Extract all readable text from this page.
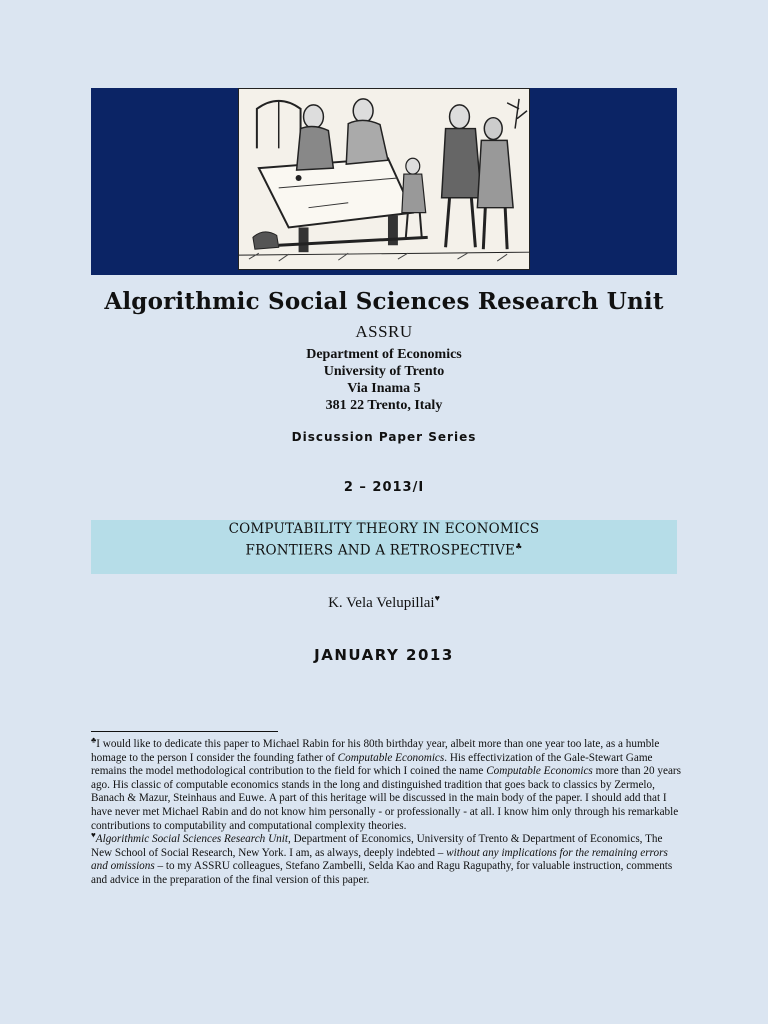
Algorithmic Social Sciences Research Unit
ASSRU
Department of Economics
University of Trento
Via Inama 5
381 22 Trento, Italy
Discussion Paper Series
2 – 2013/I
COMPUTABILITY THEORY IN ECONOMICS
FRONTIERS AND A RETROSPECTIVE♣
K. Vela Velupillai♥
JANUARY 2013

♣I would like to dedicate this paper to Michael Rabin for his 80th birthday year, albeit more than one year too late, as a humble homage to the person I consider the founding father of Computable Economics. His effectivization of the Gale-Stewart Game remains the model methodological contribution to the field for which I coined the name Computable Economics more than 20 years ago. His classic of computable economics stands in the long and distinguished tradition that goes back to classics by Zermelo, Banach & Mazur, Steinhaus and Euwe. A part of this heritage will be discussed in the main body of the paper. I should add that I have never met Michael Rabin and do not know him personally - or professionally - at all. I know him only through his remarkable contributions to computability and computational complexity theories.

♥Algorithmic Social Sciences Research Unit, Department of Economics, University of Trento & Department of Economics, The New School of Social Research, New York. I am, as always, deeply indebted – without any implications for the remaining errors and omissions – to my ASSRU colleagues, Stefano Zambelli, Selda Kao and Ragu Ragupathy, for valuable instruction, comments and advice in the preparation of the final version of this paper.
